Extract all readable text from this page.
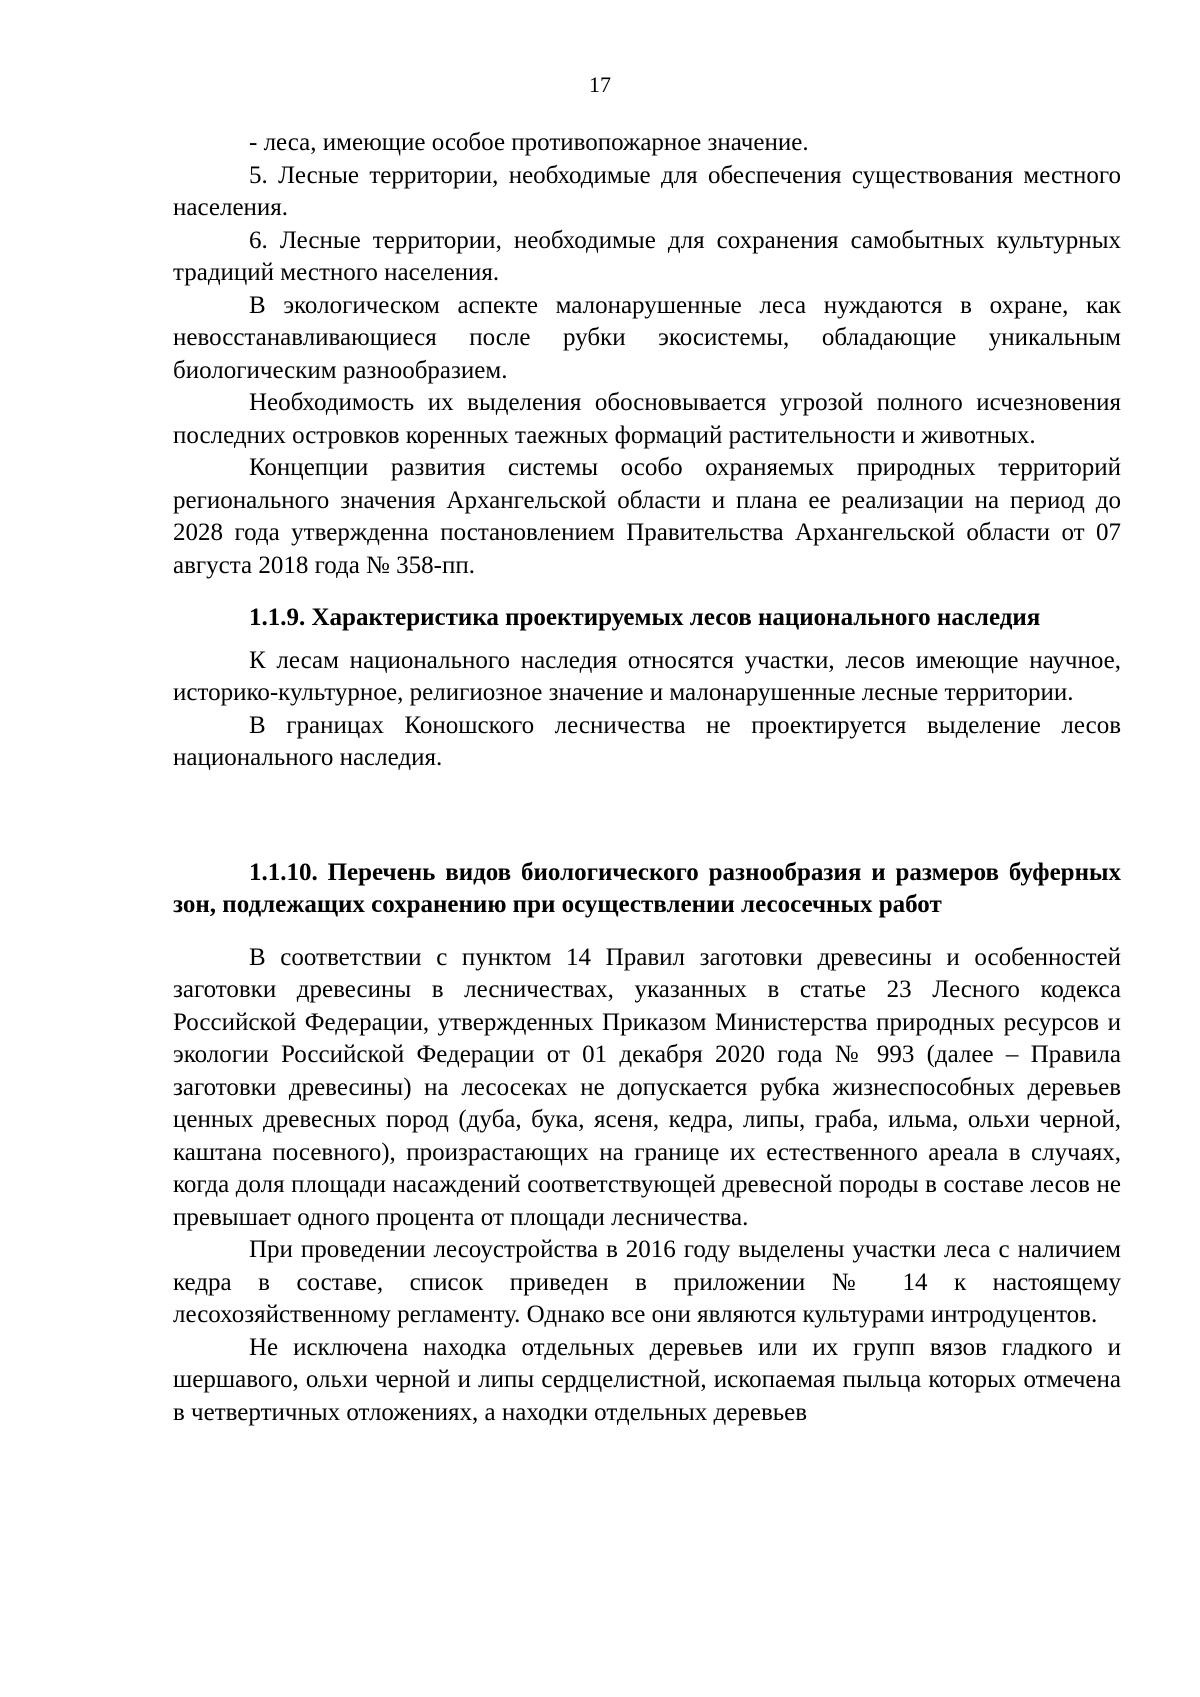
17

- леса, имеющие особое противопожарное значение.

5. Лесные территории, необходимые для обеспечения существования местного населения.

6. Лесные территории, необходимые для сохранения самобытных культурных традиций местного населения.

В экологическом аспекте малонарушенные леса нуждаются в охране, как невосстанавливающиеся после рубки экосистемы, обладающие уникальным биологическим разнообразием.

Необходимость их выделения обосновывается угрозой полного исчезновения последних островков коренных таежных формаций растительности и животных.

Концепции развития системы особо охраняемых природных территорий регионального значения Архангельской области и плана ее реализации на период до 2028 года утвержденна постановлением Правительства Архангельской области от 07 августа 2018 года № 358-пп.

1.1.9. Характеристика проектируемых лесов национального наследия

К лесам национального наследия относятся участки, лесов имеющие научное, историко-культурное, религиозное значение и малонарушенные лесные территории.

В границах Коношского лесничества не проектируется выделение лесов национального наследия.

1.1.10. Перечень видов биологического разнообразия и размеров буферных зон, подлежащих сохранению при осуществлении лесосечных работ

В соответствии с пунктом 14 Правил заготовки древесины и особенностей заготовки древесины в лесничествах, указанных в статье 23 Лесного кодекса Российской Федерации, утвержденных Приказом Министерства природных ресурсов и экологии Российской Федерации от 01 декабря 2020 года № 993 (далее – Правила заготовки древесины) на лесосеках не допускается рубка жизнеспособных деревьев ценных древесных пород (дуба, бука, ясеня, кедра, липы, граба, ильма, ольхи черной, каштана посевного), произрастающих на границе их естественного ареала в случаях, когда доля площади насаждений соответствующей древесной породы в составе лесов не превышает одного процента от площади лесничества.

При проведении лесоустройства в 2016 году выделены участки леса с наличием кедра в составе, список приведен в приложении № 14 к настоящему лесохозяйственному регламенту. Однако все они являются культурами интродуцентов.

Не исключена находка отдельных деревьев или их групп вязов гладкого и шершавого, ольхи черной и липы сердцелистной, ископаемая пыльца которых отмечена в четвертичных отложениях, а находки отдельных деревьев
